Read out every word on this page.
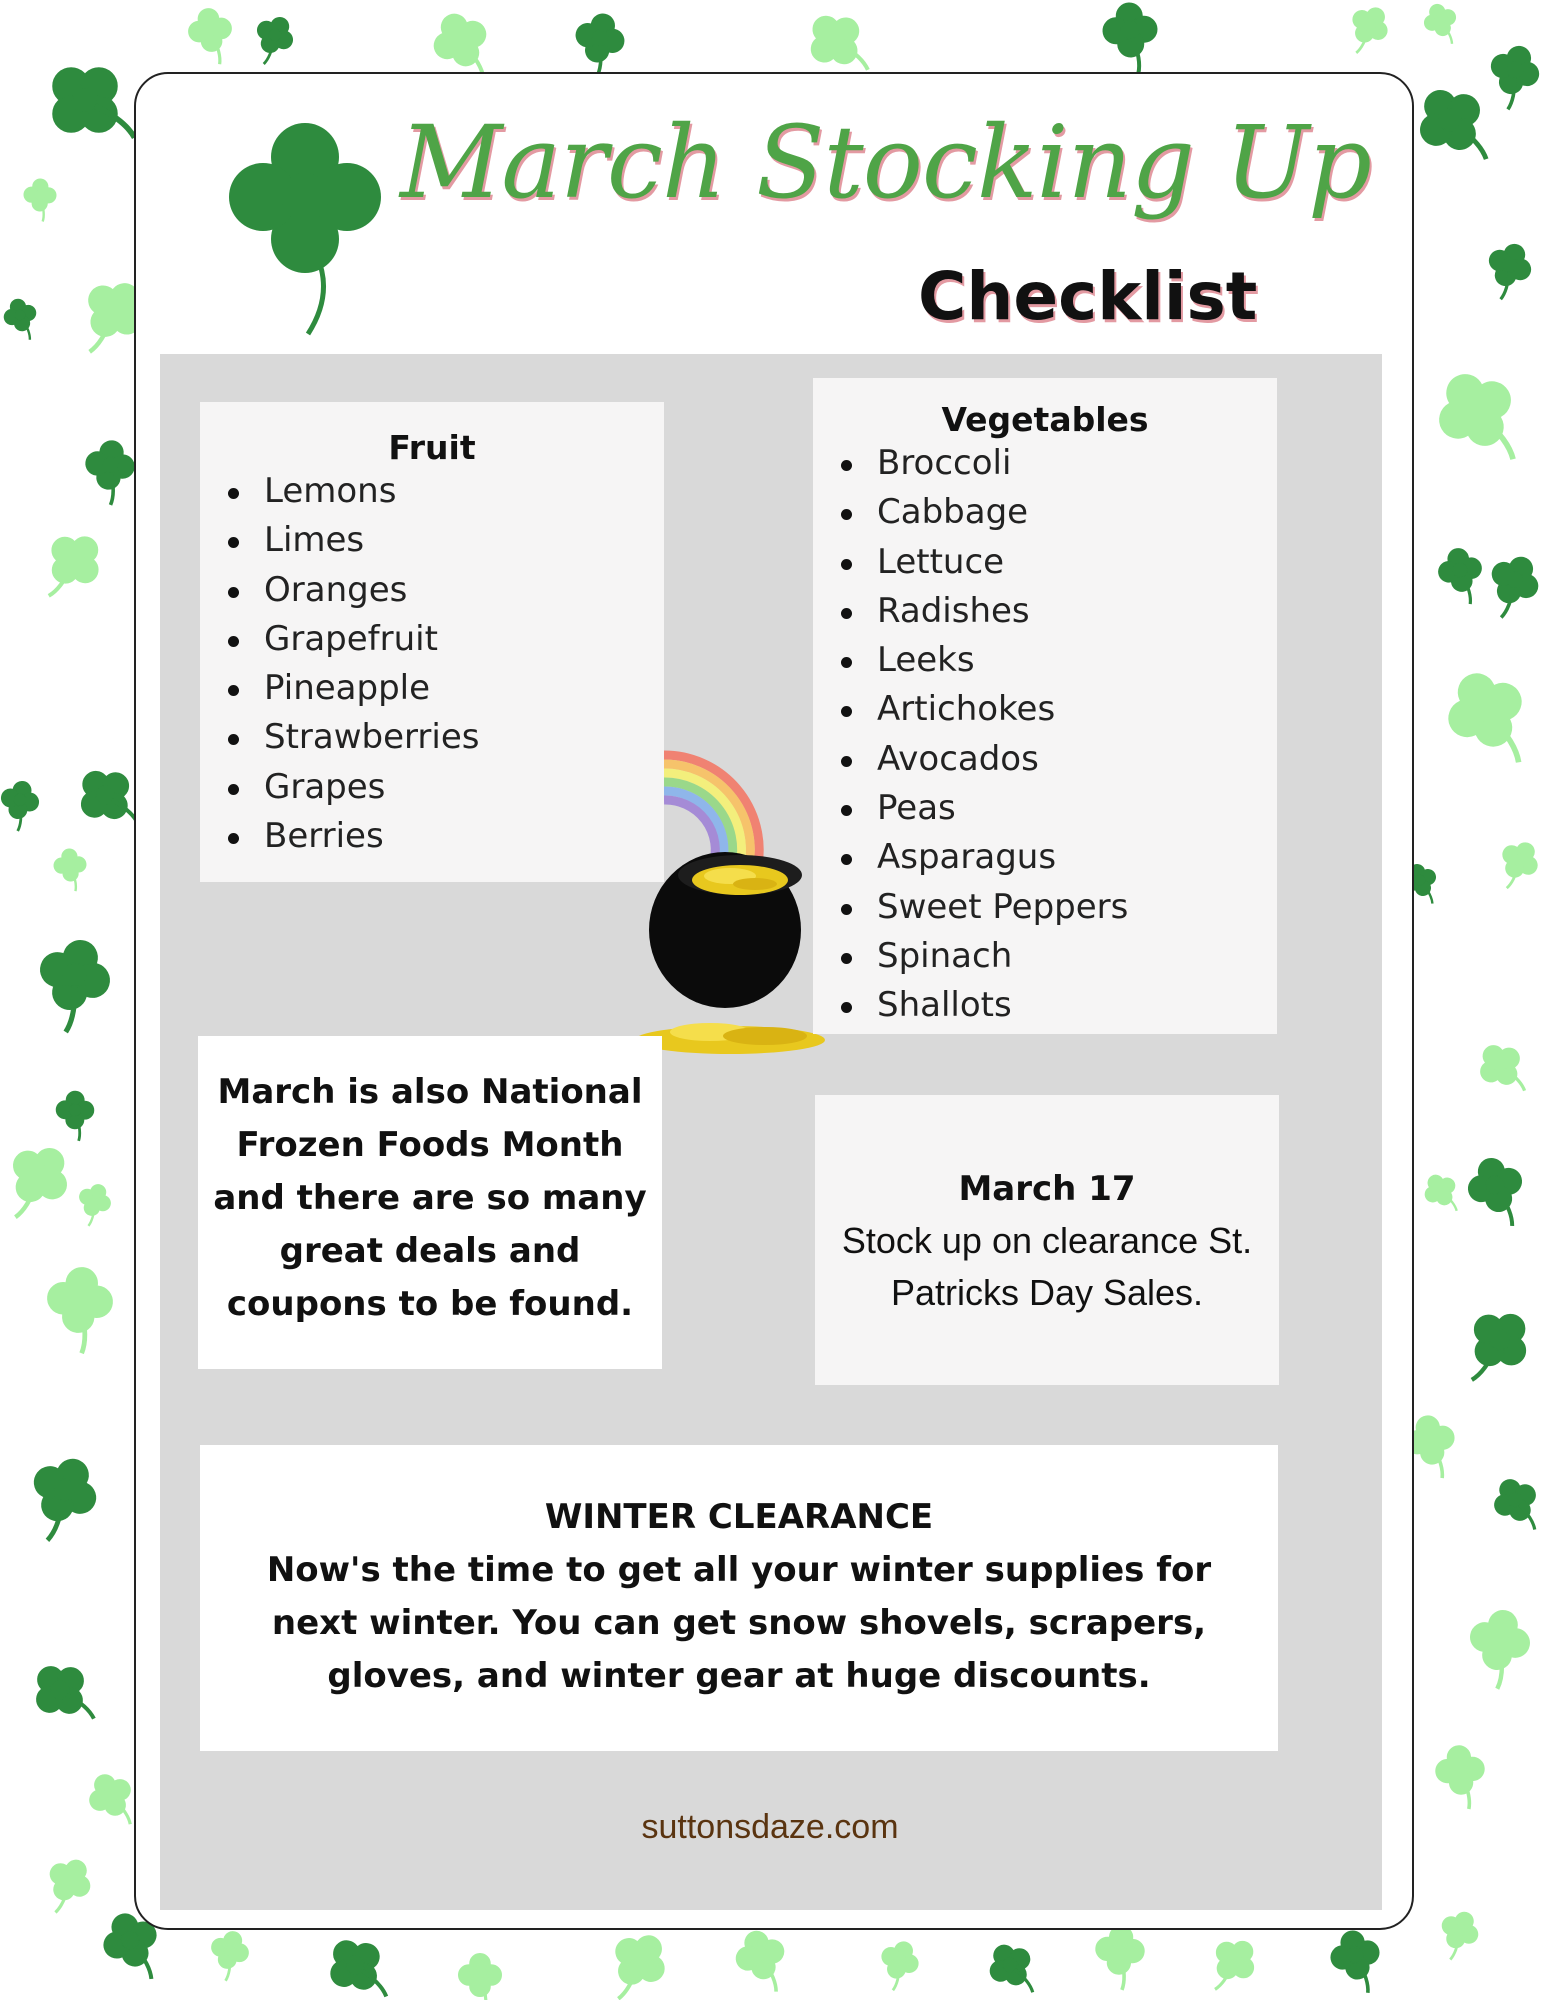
March Stocking Up
Checklist
Fruit
Lemons
Limes
Oranges
Grapefruit
Pineapple
Strawberries
Grapes
Berries
Vegetables
Broccoli
Cabbage
Lettuce
Radishes
Leeks
Artichokes
Avocados
Peas
Asparagus
Sweet Peppers
Spinach
Shallots
March is also National Frozen Foods Month and there are so many great deals and coupons to be found.
March 17
Stock up on clearance St. Patricks Day Sales.
WINTER CLEARANCE
Now's the time to get all your winter supplies for next winter. You can get snow shovels, scrapers, gloves, and winter gear at huge discounts.
suttonsdaze.com
